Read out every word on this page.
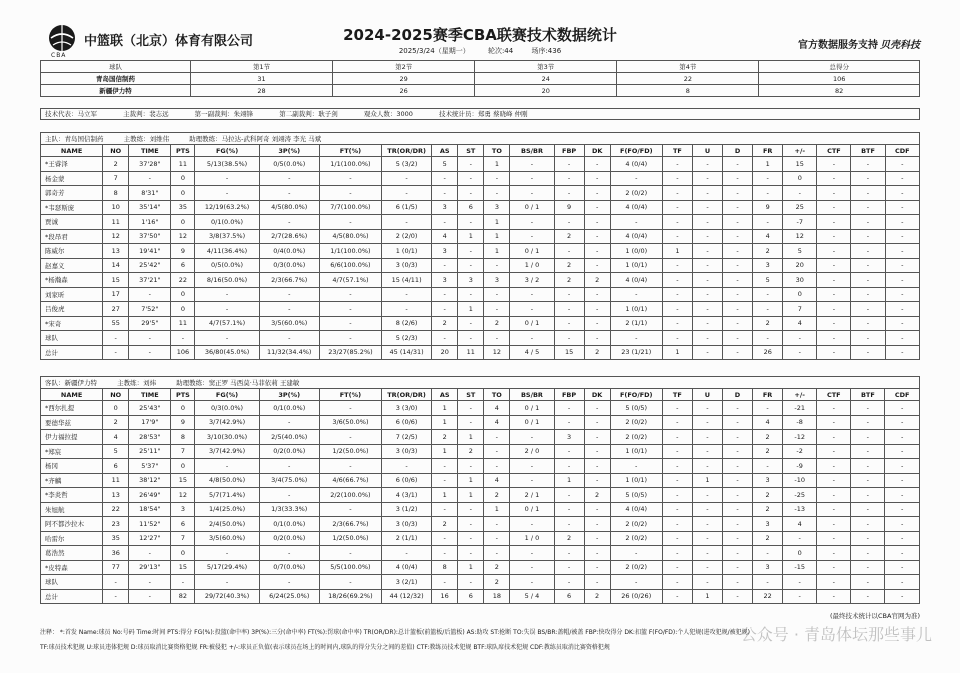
CBA
中篮联（北京）体育有限公司	2024-2025赛季CBA联赛技术数据统计
2025/3/24（星期一）	轮次:44	场序:436	官方数据服务支持 贝壳科技
球队	第1节	第2节	第3节	第4节	总得分
青岛国信制药	31	29	24	22	106
新疆伊力特	28	26	20	8	82
技术代表：马立军	主裁判：裴志远	第一副裁判：朱翊锋	第二副裁判：耿子剑	观众人数：3000	技术统计员：郑勇 蔡晓峰 仲刚
主队：青岛国信制药 主教练：刘维伟 助理教练：马拉达-武科阿奇 刘翊涛 李光 马斌																						
NAME	NO	TIME	PTS	FG(%)	3P(%)	FT(%)	TR(OR/DR)	AS	ST	TO	BS/BR	FBP	DK	F(FO/FD)	TF	U	D	FR	+/-	CTF	BTF	CDF
*王睿泽	2	37'28"	11	5/13(38.5%)	0/5(0.0%)	1/1(100.0%)	5 (3/2)	5	-	1	-	-	-	4 (0/4)	-	-	-	1	15	-	-	-
杨金蒙	7	-	0	-	-	-	-	-	-	-	-	-	-	-	-	-	-	-	0	-	-	-
郭奇芳	8	8'31"	0	-	-	-	-	-	-	-	-	-	-	2 (0/2)	-	-	-	-	-	-	-	-
*韦瑟斯庞	10	35'14"	35	12/19(63.2%)	4/5(80.0%)	7/7(100.0%)	6 (1/5)	3	6	3	0 / 1	9	-	4 (0/4)	-	-	-	9	25	-	-	-
贾诚	11	1'16"	0	0/1(0.0%)	-	-	-	-	-	1	-	-	-	-	-	-	-	-	-7	-	-	-
*段昂君	12	37'50"	12	3/8(37.5%)	2/7(28.6%)	4/5(80.0%)	2 (2/0)	4	1	1	-	2	-	4 (0/4)	-	-	-	4	12	-	-	-
陈威尔	13	19'41"	9	4/11(36.4%)	0/4(0.0%)	1/1(100.0%)	1 (0/1)	3	-	1	0 / 1	-	-	1 (0/0)	1	-	-	2	5	-	-	-
赵嘉义	14	25'42"	6	0/5(0.0%)	0/3(0.0%)	6/6(100.0%)	3 (0/3)	-	-	-	1 / 0	2	-	1 (0/1)	-	-	-	3	20	-	-	-
*杨瀚森	15	37'21"	22	8/16(50.0%)	2/3(66.7%)	4/7(57.1%)	15 (4/11)	3	3	3	3 / 2	2	2	4 (0/4)	-	-	-	5	30	-	-	-
刘家昕	17	-	0	-	-	-	-	-	-	-	-	-	-	-	-	-	-	-	0	-	-	-
吕俊虎	27	7'52"	0	-	-	-	-	-	1	-	-	-	-	1 (0/1)	-	-	-	-	7	-	-	-
*宋奇	55	29'5"	11	4/7(57.1%)	3/5(60.0%)	-	8 (2/6)	2	-	2	0 / 1	-	-	2 (1/1)	-	-	-	2	4	-	-	-
球队	-	-	-	-	-	-	5 (2/3)	-	-	-	-	-	-	-	-	-	-	-	-	-	-	-
总计	-	-	106	36/80(45.0%)	11/32(34.4%)	23/27(85.2%)	45 (14/31)	20	11	12	4 / 5	15	2	23 (1/21)	1	-	-	26	-	-	-	-
客队：新疆伊力特 主教练：刘炜 助理教练：窦正罗 马西莫·马菲依莉 王建敏																						
NAME	NO	TIME	PTS	FG(%)	3P(%)	FT(%)	TR(OR/DR)	AS	ST	TO	BS/BR	FBP	DK	F(FO/FD)	TF	U	D	FR	+/-	CTF	BTF	CDF
*西尔扎提	0	25'43"	0	0/3(0.0%)	0/1(0.0%)	-	3 (3/0)	1	-	4	0 / 1	-	-	5 (0/5)	-	-	-	-	-21	-	-	-
要德华兹	2	17'9"	9	3/7(42.9%)	-	3/6(50.0%)	6 (0/6)	1	-	4	0 / 1	-	-	2 (0/2)	-	-	-	4	-8	-	-	-
伊力福拉提	4	28'53"	8	3/10(30.0%)	2/5(40.0%)	-	7 (2/5)	2	1	-	-	3	-	2 (0/2)	-	-	-	2	-12	-	-	-
*郑宸	5	25'11"	7	3/7(42.9%)	0/2(0.0%)	1/2(50.0%)	3 (0/3)	1	2	-	2 / 0	-	-	1 (0/1)	-	-	-	2	-2	-	-	-
杨冈	6	5'37"	0	-	-	-	-	-	-	-	-	-	-	-	-	-	-	-	-9	-	-	-
*齐麟	11	38'12"	15	4/8(50.0%)	3/4(75.0%)	4/6(66.7%)	6 (0/6)	-	1	4	-	1	-	1 (0/1)	-	1	-	3	-10	-	-	-
*李炎哲	13	26'49"	12	5/7(71.4%)	-	2/2(100.0%)	4 (3/1)	1	1	2	2 / 1	-	2	5 (0/5)	-	-	-	2	-25	-	-	-
朱旭航	22	18'54"	3	1/4(25.0%)	1/3(33.3%)	-	3 (1/2)	-	-	1	0 / 1	-	-	4 (0/4)	-	-	-	2	-13	-	-	-
阿不都沙拉木	23	11'52"	6	2/4(50.0%)	0/1(0.0%)	2/3(66.7%)	3 (0/3)	2	-	-	-	-	-	2 (0/2)	-	-	-	3	4	-	-	-
哈雷尔	35	12'27"	7	3/5(60.0%)	0/2(0.0%)	1/2(50.0%)	2 (1/1)	-	-	-	1 / 0	2	-	2 (0/2)	-	-	-	2	-	-	-	-
葛浩然	36	-	0	-	-	-	-	-	-	-	-	-	-	-	-	-	-	-	0	-	-	-
*皮特森	77	29'13"	15	5/17(29.4%)	0/7(0.0%)	5/5(100.0%)	4 (0/4)	8	1	2	-	-	-	2 (0/2)	-	-	-	3	-15	-	-	-
球队	-	-	-	-	-	-	3 (2/1)	-	-	2	-	-	-	-	-	-	-	-	-	-	-	-
总计	-	-	82	29/72(40.3%)	6/24(25.0%)	18/26(69.2%)	44 (12/32)	16	6	18	5 / 4	6	2	26 (0/26)	-	1	-	22	-	-	-	-
(最终技术统计以CBA官网为准)
注释： *:首发 Name:球员 No:号码 Time:时间 PTS:得分 FG(%):投篮(命中率) 3P(%):三分(命中率) FT(%):罚球(命中率) TR(OR/DR):总计篮板(前篮板/后篮板) AS:助攻 ST:抢断 TO:失误 BS/BR:盖帽/被盖 FBP:快攻得分 DK:扣篮 F(FO/FD):个人犯规(进攻犯规/被犯规)
TF:球员技术犯规 U:球员违体犯规 D:球员取消比赛资格犯规 FR:被侵犯 +/-:球员正负值(表示球员在场上的时间内,球队的得分失分之间的差值) CTF:教练员技术犯规 BTF:球队席技术犯规 CDF:教练员取消比赛资格犯规
公众号 · 青岛体坛那些事儿
